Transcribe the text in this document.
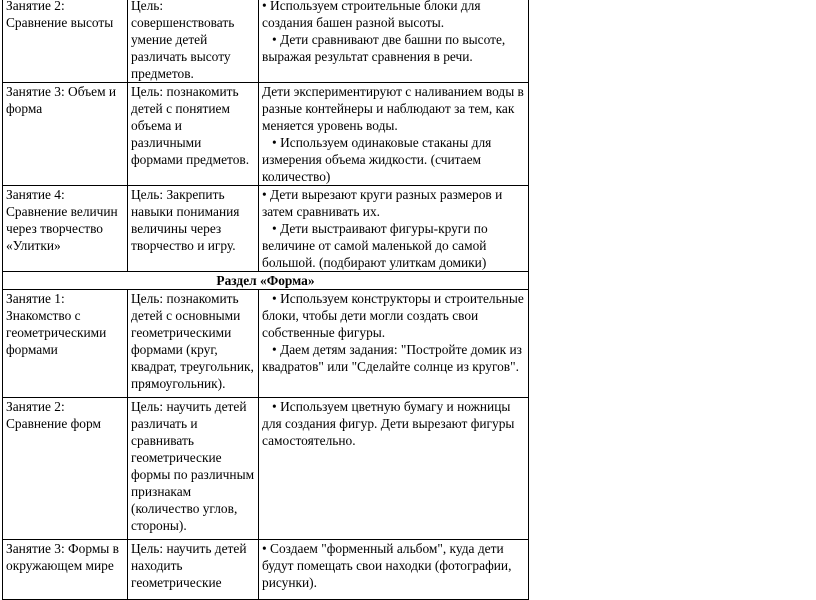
Занятие 2: Сравнение высоты	Цель: совершенствовать умение детей различать высоту предметов.	• Используем строительные блоки для создания башен разной высоты.
• Дети сравнивают две башни по высоте, выражая результат сравнения в речи.

Занятие 3: Объем и форма	Цель: познакомить детей с понятием объема и различными формами предметов.	Дети экспериментируют с наливанием воды в разные контейнеры и наблюдают за тем, как меняется уровень воды.
• Используем одинаковые стаканы для измерения объема жидкости. (считаем количество)

Занятие 4: Сравнение величин через творчество «Улитки»	Цель: Закрепить навыки понимания величины через творчество и игру.	• Дети вырезают круги разных размеров и затем сравнивать их.
• Дети выстраивают фигуры-круги по величине от самой маленькой до самой большой. (подбирают улиткам домики)

Раздел «Форма»		
Занятие 1: Знакомство с геометрическими формами	Цель: познакомить детей с основными геометрическими формами (круг, квадрат, треугольник, прямоугольник).	• Используем конструкторы и строительные блоки, чтобы дети могли создать свои собственные фигуры.
• Даем детям задания: "Постройте домик из квадратов" или "Сделайте солнце из кругов".

Занятие 2: Сравнение форм	Цель: научить детей различать и сравнивать геометрические формы по различным признакам (количество углов, стороны).	• Используем цветную бумагу и ножницы для создания фигур. Дети вырезают фигуры самостоятельно.

Занятие 3: Формы в окружающем мире	Цель: научить детей находить геометрические	• Создаем "форменный альбом", куда дети будут помещать свои находки (фотографии, рисунки).
